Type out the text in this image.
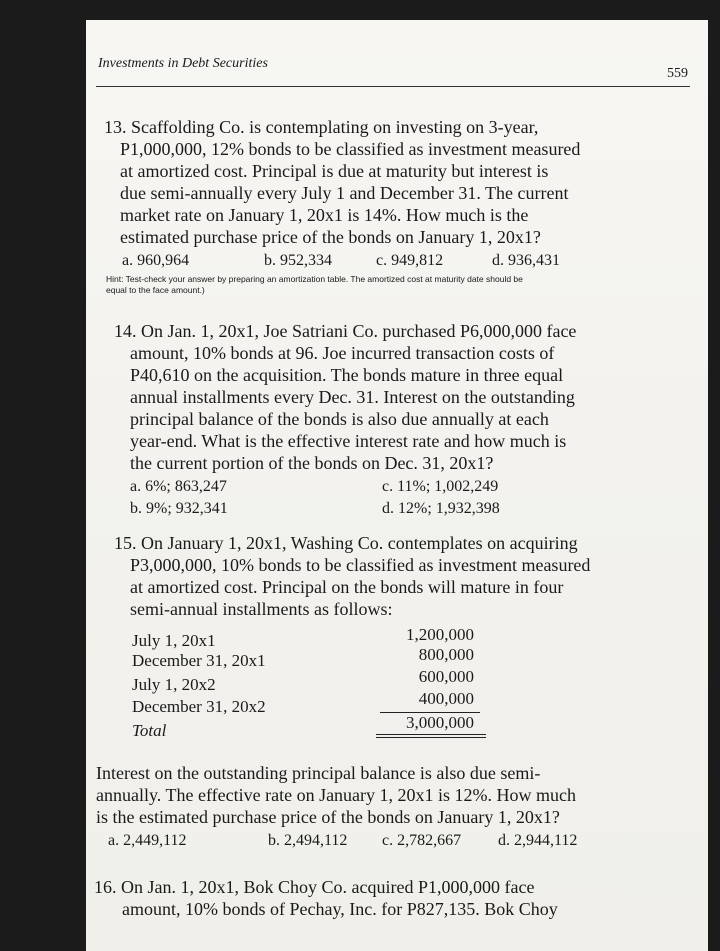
Investments in Debt Securities
559
13. Scaffolding Co. is contemplating on investing on 3-year,
P1,000,000, 12% bonds to be classified as investment measured
at amortized cost. Principal is due at maturity but interest is
due semi-annually every July 1 and December 31. The current
market rate on January 1, 20x1 is 14%. How much is the
estimated purchase price of the bonds on January 1, 20x1?
a. 960,964	b. 952,334	c. 949,812	d. 936,431
Hint: Test-check your answer by preparing an amortization table. The amortized cost at maturity date should be
equal to the face amount.)
14. On Jan. 1, 20x1, Joe Satriani Co. purchased P6,000,000 face
amount, 10% bonds at 96. Joe incurred transaction costs of
P40,610 on the acquisition. The bonds mature in three equal
annual installments every Dec. 31. Interest on the outstanding
principal balance of the bonds is also due annually at each
year-end. What is the effective interest rate and how much is
the current portion of the bonds on Dec. 31, 20x1?
a. 6%; 863,247	c. 11%; 1,002,249
b. 9%; 932,341	d. 12%; 1,932,398
15. On January 1, 20x1, Washing Co. contemplates on acquiring
P3,000,000, 10% bonds to be classified as investment measured
at amortized cost. Principal on the bonds will mature in four
semi-annual installments as follows:
July 1, 20x1	1,200,000
December 31, 20x1	800,000
July 1, 20x2	600,000
December 31, 20x2	400,000
Total	3,000,000
Interest on the outstanding principal balance is also due semi-
annually. The effective rate on January 1, 20x1 is 12%. How much
is the estimated purchase price of the bonds on January 1, 20x1?
a. 2,449,112	b. 2,494,112 c. 2,782,667 d. 2,944,112
16. On Jan. 1, 20x1, Bok Choy Co. acquired P1,000,000 face
amount, 10% bonds of Pechay, Inc. for P827,135. Bok Choy
